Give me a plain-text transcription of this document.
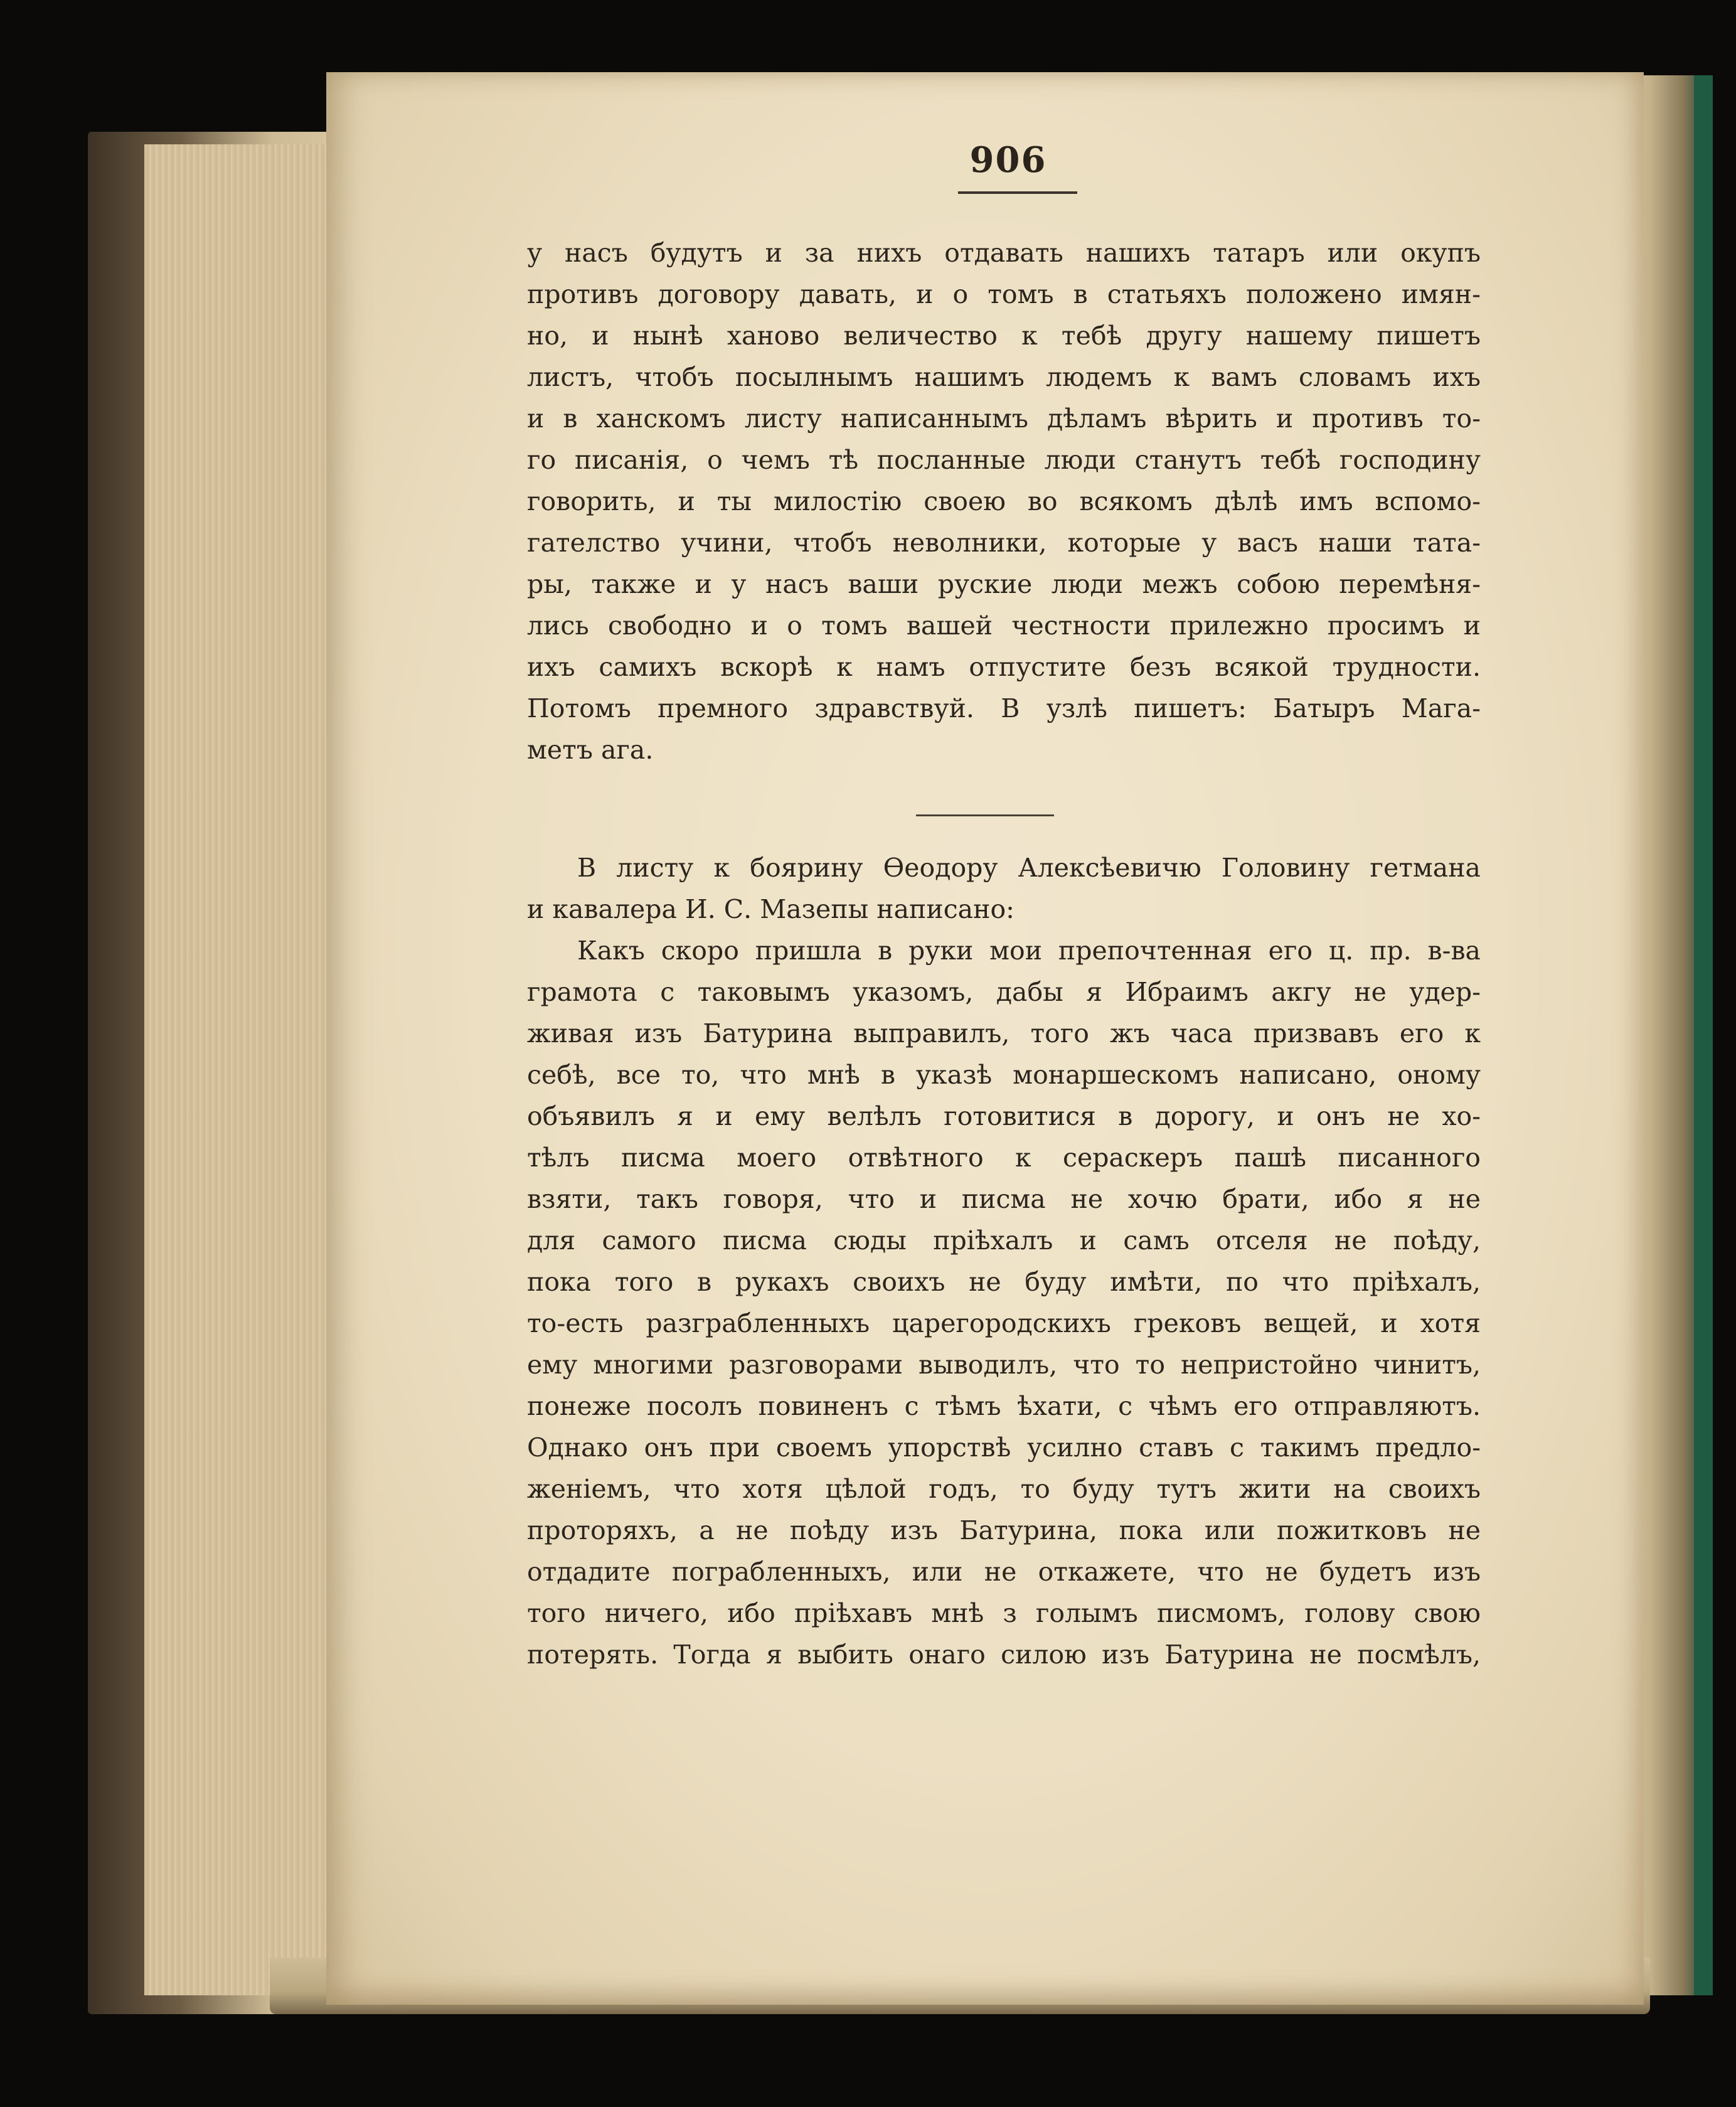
906
у насъ будутъ и за нихъ отдавать нашихъ татаръ или окупъ
противъ договору давать, и о томъ в статьяхъ положено имян-
но, и нынѣ ханово величество к тебѣ другу нашему пишетъ
листъ, чтобъ посылнымъ нашимъ людемъ к вамъ словамъ ихъ
и в ханскомъ листу написаннымъ дѣламъ вѣрить и противъ то-
го писанія, о чемъ тѣ посланные люди станутъ тебѣ господину
говорить, и ты милостію своею во всякомъ дѣлѣ имъ вспомо-
гателство учини, чтобъ неволники, которые у васъ наши тата-
ры, также и у насъ ваши руские люди межъ собою перемѣня-
лись свободно и о томъ вашей честности прилежно просимъ и
ихъ самихъ вскорѣ к намъ отпустите безъ всякой трудности.
Потомъ премного здравствуй. В узлѣ пишетъ: Батыръ Мага-
метъ ага.
В листу к боярину Ѳеодору Алексѣевичю Головину гетмана
и кавалера И. С. Мазепы написано:
Какъ скоро пришла в руки мои препочтенная его ц. пр. в-ва
грамота с таковымъ указомъ, дабы я Ибраимъ акгу не удер-
живая изъ Батурина выправилъ, того жъ часа призвавъ его к
себѣ, все то, что мнѣ в указѣ монаршескомъ написано, оному
объявилъ я и ему велѣлъ готовитися в дорогу, и онъ не хо-
тѣлъ писма моего отвѣтного к сераскеръ пашѣ писанного
взяти, такъ говоря, что и писма не хочю брати, ибо я не
для самого писма сюды пріѣхалъ и самъ отселя не поѣду,
пока того в рукахъ своихъ не буду имѣти, по что пріѣхалъ,
то-есть разграбленныхъ царегородскихъ грековъ вещей, и хотя
ему многими разговорами выводилъ, что то непристойно чинитъ,
понеже посолъ повиненъ с тѣмъ ѣхати, с чѣмъ его отправляютъ.
Однако онъ при своемъ упорствѣ усилно ставъ с такимъ предло-
женіемъ, что хотя цѣлой годъ, то буду тутъ жити на своихъ
проторяхъ, а не поѣду изъ Батурина, пока или пожитковъ не
отдадите пограбленныхъ, или не откажете, что не будетъ изъ
того ничего, ибо пріѣхавъ мнѣ з голымъ писмомъ, голову свою
потерять. Тогда я выбить онаго силою изъ Батурина не посмѣлъ,
